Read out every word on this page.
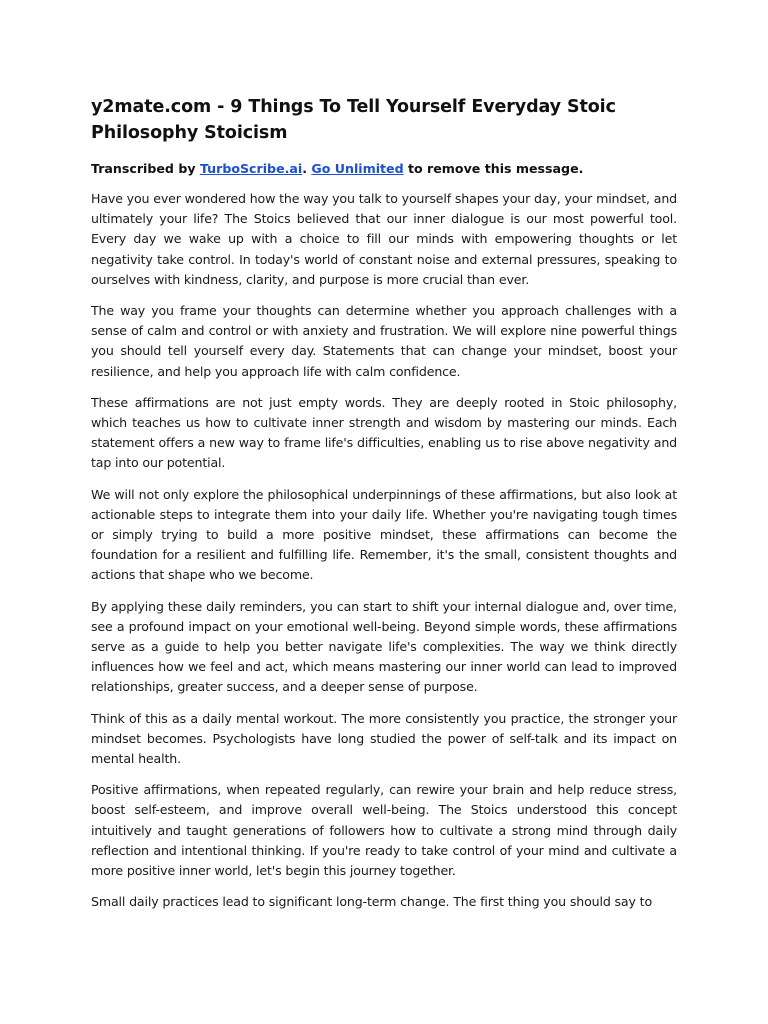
y2mate.com - 9 Things To Tell Yourself Everyday Stoic Philosophy Stoicism
Transcribed by TurboScribe.ai. Go Unlimited to remove this message.

Have you ever wondered how the way you talk to yourself shapes your day, your mindset, and ultimately your life? The Stoics believed that our inner dialogue is our most powerful tool. Every day we wake up with a choice to fill our minds with empowering thoughts or let negativity take control. In today's world of constant noise and external pressures, speaking to ourselves with kindness, clarity, and purpose is more crucial than ever.

The way you frame your thoughts can determine whether you approach challenges with a sense of calm and control or with anxiety and frustration. We will explore nine powerful things you should tell yourself every day. Statements that can change your mindset, boost your resilience, and help you approach life with calm confidence.

These affirmations are not just empty words. They are deeply rooted in Stoic philosophy, which teaches us how to cultivate inner strength and wisdom by mastering our minds. Each statement offers a new way to frame life's difficulties, enabling us to rise above negativity and tap into our potential.

We will not only explore the philosophical underpinnings of these affirmations, but also look at actionable steps to integrate them into your daily life. Whether you're navigating tough times or simply trying to build a more positive mindset, these affirmations can become the foundation for a resilient and fulfilling life. Remember, it's the small, consistent thoughts and actions that shape who we become.

By applying these daily reminders, you can start to shift your internal dialogue and, over time, see a profound impact on your emotional well-being. Beyond simple words, these affirmations serve as a guide to help you better navigate life's complexities. The way we think directly influences how we feel and act, which means mastering our inner world can lead to improved relationships, greater success, and a deeper sense of purpose.

Think of this as a daily mental workout. The more consistently you practice, the stronger your mindset becomes. Psychologists have long studied the power of self-talk and its impact on mental health.

Positive affirmations, when repeated regularly, can rewire your brain and help reduce stress, boost self-esteem, and improve overall well-being. The Stoics understood this concept intuitively and taught generations of followers how to cultivate a strong mind through daily reflection and intentional thinking. If you're ready to take control of your mind and cultivate a more positive inner world, let's begin this journey together.

Small daily practices lead to significant long-term change. The first thing you should say to
